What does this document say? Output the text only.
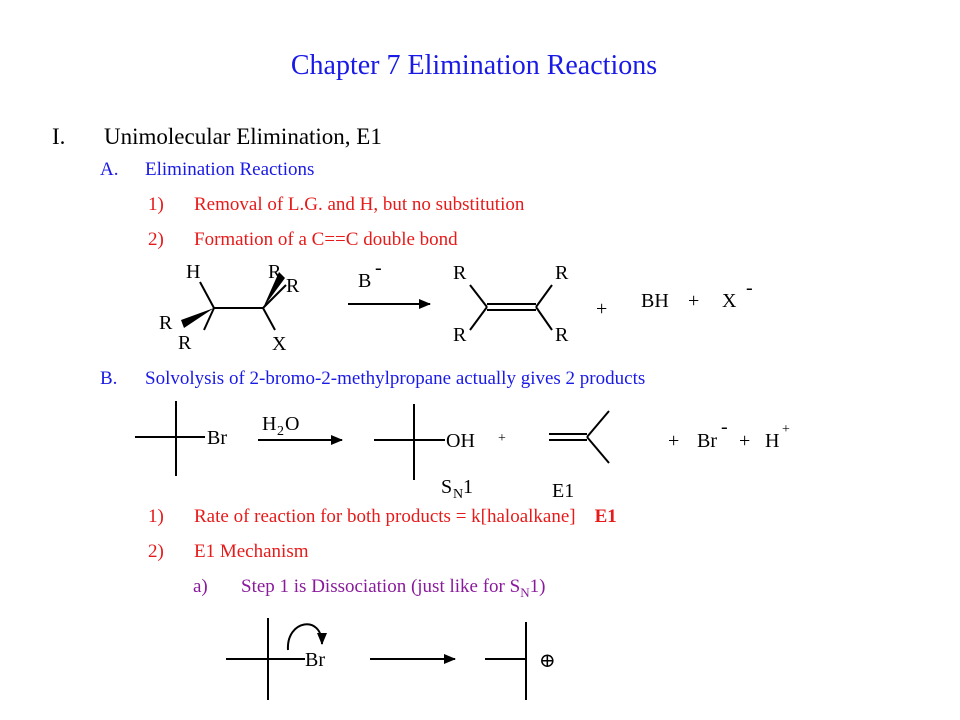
Chapter 7 Elimination Reactions
I. Unimolecular Elimination, E1
A. Elimination Reactions
1) Removal of L.G. and H, but no substitution
2) Formation of a C==C double bond
B. Solvolysis of 2-bromo-2-methylpropane actually gives 2 products
1) Rate of reaction for both products = k[haloalkane] E1
2) E1 Mechanism
a) Step 1 is Dissociation (just like for $S_N1$)
H	R
R
R
R	X
B
-	R	R
R	R
+ BH + X
-
Br
H 2 O
OH +	+ Br
-
+ H
+
S N 1	E1
Br	⊕
